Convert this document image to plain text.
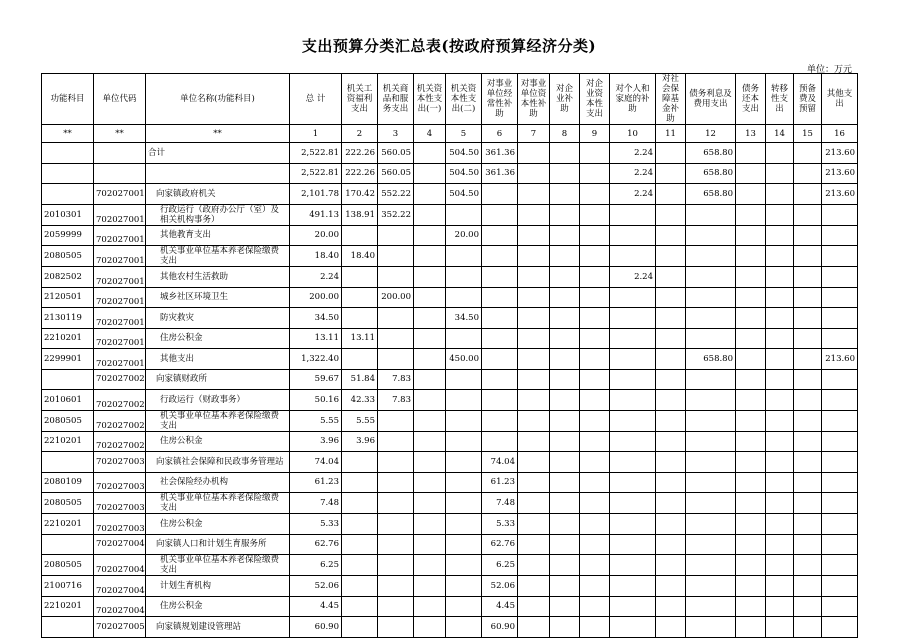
支出预算分类汇总表(按政府预算经济分类)
单位：万元
功能科目	单位代码	单位名称(功能科目)	总 计	机关工资福利支出	机关商品和服务支出	机关资本性支出(一)	机关资本性支出(二)	对事业单位经常性补助	对事业单位资本性补助	对企业补助	对企业资本性支出	对个人和家庭的补助	对社会保障基金补助	债务利息及费用支出	债务还本支出	转移性支出	预备费及预留	其他支出
**	**	**	1	2	3	4	5	6	7	8	9	10	11	12	13	14	15	16
		合计	2,522.81	222.26	560.05		504.50	361.36				2.24		658.80				213.60
			2,522.81	222.26	560.05		504.50	361.36				2.24		658.80				213.60
	702027001	向家镇政府机关	2,101.78	170.42	552.22		504.50					2.24		658.80				213.60
2010301	702027001	行政运行（政府办公厅（室）及相关机构事务）	491.13	138.91	352.22													
2059999	702027001	其他教育支出	20.00				20.00											
2080505	702027001	机关事业单位基本养老保险缴费支出	18.40	18.40														
2082502	702027001	其他农村生活救助	2.24									2.24						
2120501	702027001	城乡社区环境卫生	200.00		200.00													
2130119	702027001	防灾救灾	34.50				34.50											
2210201	702027001	住房公积金	13.11	13.11														
2299901	702027001	其他支出	1,322.40				450.00							658.80				213.60
	702027002	向家镇财政所	59.67	51.84	7.83													
2010601	702027002	行政运行（财政事务）	50.16	42.33	7.83													
2080505	702027002	机关事业单位基本养老保险缴费支出	5.55	5.55														
2210201	702027002	住房公积金	3.96	3.96														
	702027003	向家镇社会保障和民政事务管理站	74.04					74.04										
2080109	702027003	社会保险经办机构	61.23					61.23										
2080505	702027003	机关事业单位基本养老保险缴费支出	7.48					7.48										
2210201	702027003	住房公积金	5.33					5.33										
	702027004	向家镇人口和计划生育服务所	62.76					62.76										
2080505	702027004	机关事业单位基本养老保险缴费支出	6.25					6.25										
2100716	702027004	计划生育机构	52.06					52.06										
2210201	702027004	住房公积金	4.45					4.45										
	702027005	向家镇规划建设管理站	60.90					60.90										
